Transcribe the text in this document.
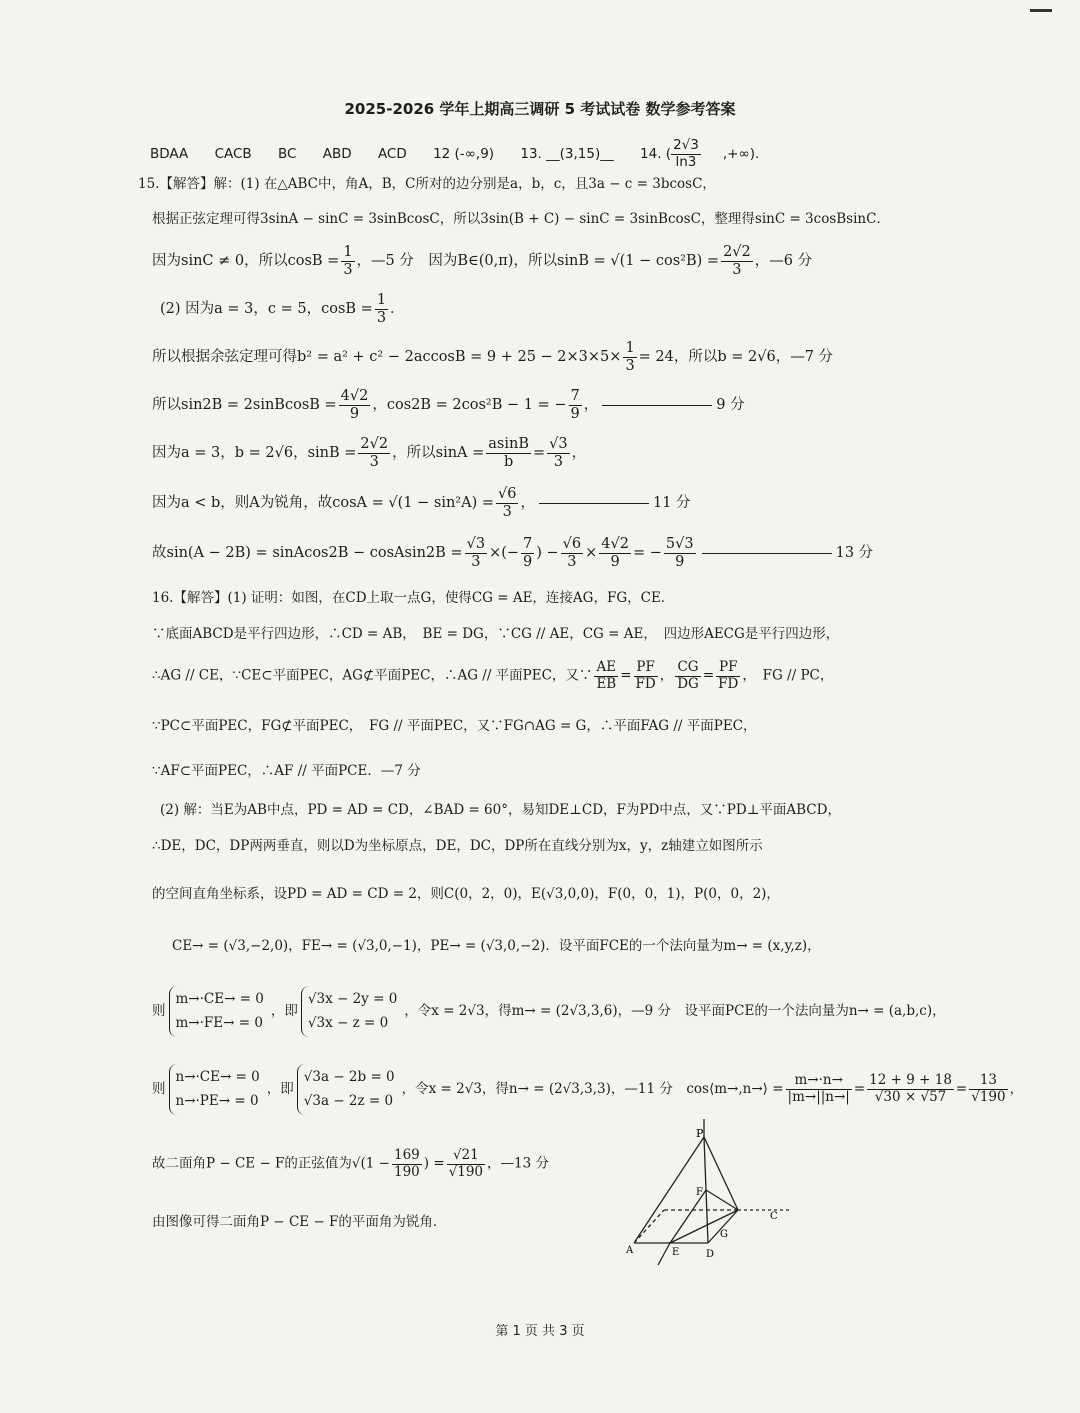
2025-2026 学年上期高三调研 5 考试试卷 数学参考答案
BDAA CACB BC ABD ACD 12 (-∞,9) 13. __(3,15)__ 14. ( $\frac{2√3}{\ln 3}$ ,+∞).
15.【解答】解：(1) 在△ABC中，角A，B，C所对的边分别是a，b，c，且3a − c = 3bcosC，
根据正弦定理可得3sinA − sinC = 3sinBcosC，所以3sin(B + C) − sinC = 3sinBcosC，整理得sinC = 3cosBsinC．
因为sinC ≠ 0，所以$\cos B = \frac{1}{3}$ ，—5 分　因为B∈(0,π)，所以$\sin B = √(1 - \cos^2B) = \frac{2√2}{3}$ ，—6 分
(2) 因为a = 3，c = 5，$\cos B = \frac{1}{3}$ ．
所以根据余弦定理可得$b^2 = a^2 + c^2 - 2accosB = 9 + 25 - 2\times 3\times 5\times \frac{1}{3} = 24$，所以b = 2√6，—7 分
所以sin2B = 2sinBcosB = $\frac{4√2}{9}$ ，cos2B = 2cos²B − 1 = − $\frac{7}{9}$ ，	9 分
因为a = 3，b = 2√6，$\sin B = \frac{2√2}{3}$ ，所以$\sin A = \frac{asinB}{b} = \frac{√3}{3}$ ，
因为a < b，则A为锐角，故$\cos A = √(1 - \sin^2A) = \frac{√6}{3}$ ，	11 分
故sin(A − 2B) = sinAcos2B − cosAsin2B = $\frac{√3}{3}$ ×(− $\frac{7}{9}$ ) − $\frac{√6}{3} \times \frac{4√2}{9}$ = − $\frac{5√3}{9}$	13 分
16.【解答】(1) 证明：如图，在CD上取一点G，使得CG = AE，连接AG，FG，CE．
∵底面ABCD是平行四边形，∴CD = AB，　BE = DG，∵CG // AE，CG = AE，　四边形AECG是平行四边形，
∴AG // CE，∵CE⊂平面PEC，AG⊄平面PEC，∴AG // 平面PEC，又∵ $\frac{AE}{EB} = \frac{PF}{FD}$ ， $\frac{CG}{DG} = \frac{PF}{FD}$ ，　FG // PC，
∵PC⊂平面PEC，FG⊄平面PEC，　FG // 平面PEC，又∵FG∩AG = G，∴平面FAG // 平面PEC，
∵AF⊂平面PEC，∴AF // 平面PCE．—7 分
(2) 解：当E为AB中点，PD = AD = CD，∠BAD = 60°，易知DE⊥CD，F为PD中点，又∵PD⊥平面ABCD，
∴DE，DC，DP两两垂直，则以D为坐标原点，DE，DC，DP所在直线分别为x，y，z轴建立如图所示
的空间直角坐标系，设PD = AD = CD = 2，则C(0，2，0)，E(√3,0,0)，F(0，0，1)，P(0，0，2)，
CE→ = (√3,−2,0)，FE→ = (√3,0,−1)，PE→ = (√3,0,−2)．设平面FCE的一个法向量为m→ = (x,y,z)，
则
m→·CE→ = 0
m→·FE→ = 0
，即
√3x − 2y = 0
√3x − z = 0
，令x = 2√3，得m→ = (2√3,3,6)，—9 分　设平面PCE的一个法向量为n→ = (a,b,c)，
则
n→·CE→ = 0
n→·PE→ = 0
，即
√3a − 2b = 0
√3a − 2z = 0
，令x = 2√3，得n→ = (2√3,3,3)，—11 分　cos⟨m→,n→⟩ = $\frac{m\to\cdot n\to}{|m\to||n\to|} = \frac{12 + 9 + 18}{√30 \times √57} = \frac{13}{√190}$ ，
故二面角P − CE − F的正弦值为$√(1 - \frac{169}{190}$ ) = $\frac{√21}{√190}$ ，—13 分
由图像可得二面角P − CE − F的平面角为锐角．
P
F
G
E
C
D
A
第 1 页 共 3 页
